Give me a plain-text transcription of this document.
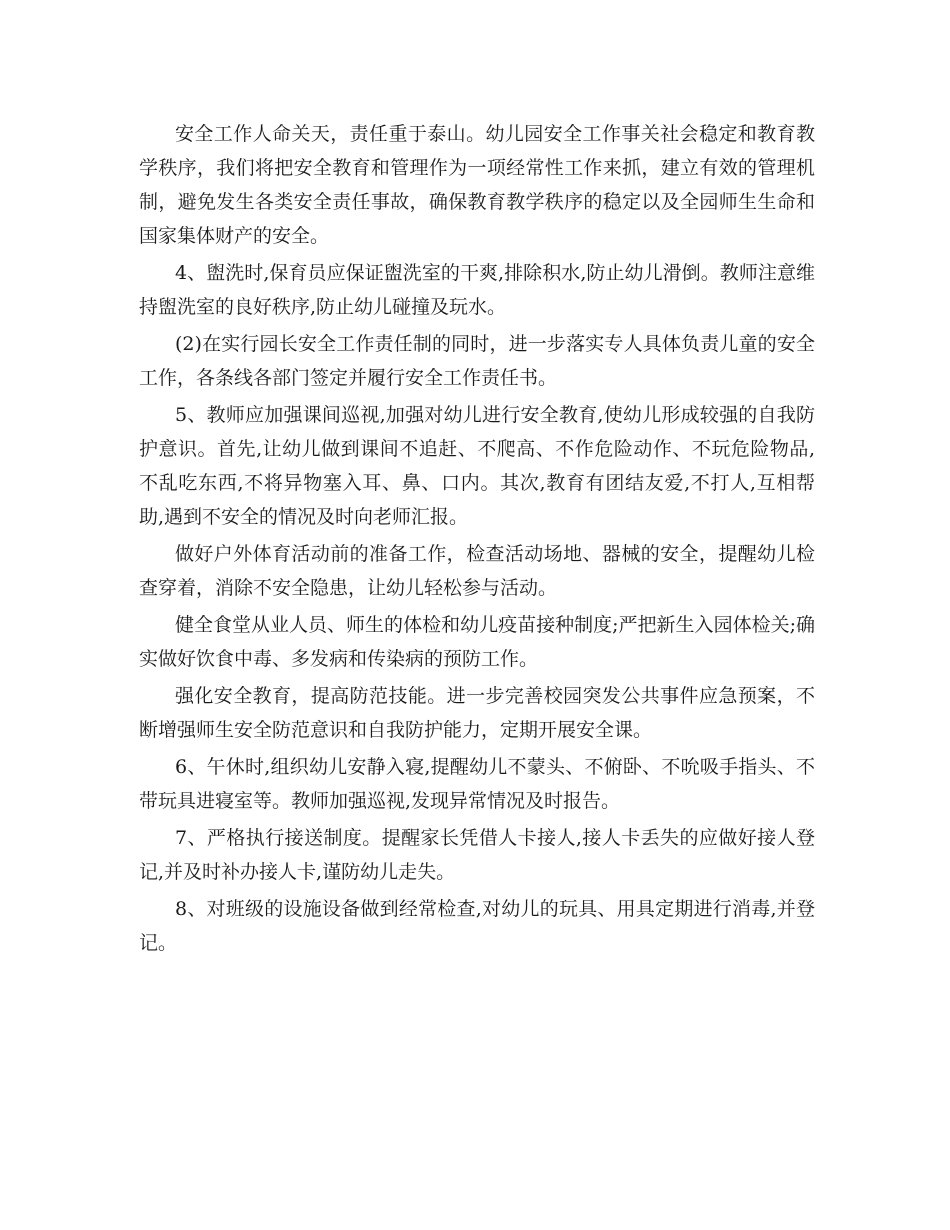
安全工作人命关天，责任重于泰山。幼儿园安全工作事关社会稳定和教育教学秩序，我们将把安全教育和管理作为一项经常性工作来抓，建立有效的管理机制，避免发生各类安全责任事故，确保教育教学秩序的稳定以及全园师生生命和国家集体财产的安全。

4、盥洗时,保育员应保证盥洗室的干爽,排除积水,防止幼儿滑倒。教师注意维持盥洗室的良好秩序,防止幼儿碰撞及玩水。

(2)在实行园长安全工作责任制的同时，进一步落实专人具体负责儿童的安全工作，各条线各部门签定并履行安全工作责任书。

5、教师应加强课间巡视,加强对幼儿进行安全教育,使幼儿形成较强的自我防护意识。首先,让幼儿做到课间不追赶、不爬高、不作危险动作、不玩危险物品,不乱吃东西,不将异物塞入耳、鼻、口内。其次,教育有团结友爱,不打人,互相帮助,遇到不安全的情况及时向老师汇报。

做好户外体育活动前的准备工作，检查活动场地、器械的安全，提醒幼儿检查穿着，消除不安全隐患，让幼儿轻松参与活动。

健全食堂从业人员、师生的体检和幼儿疫苗接种制度;严把新生入园体检关;确实做好饮食中毒、多发病和传染病的预防工作。

强化安全教育，提高防范技能。进一步完善校园突发公共事件应急预案，不断增强师生安全防范意识和自我防护能力，定期开展安全课。

6、午休时,组织幼儿安静入寝,提醒幼儿不蒙头、不俯卧、不吮吸手指头、不带玩具进寝室等。教师加强巡视,发现异常情况及时报告。

7、严格执行接送制度。提醒家长凭借人卡接人,接人卡丢失的应做好接人登记,并及时补办接人卡,谨防幼儿走失。

8、对班级的设施设备做到经常检查,对幼儿的玩具、用具定期进行消毒,并登记。
